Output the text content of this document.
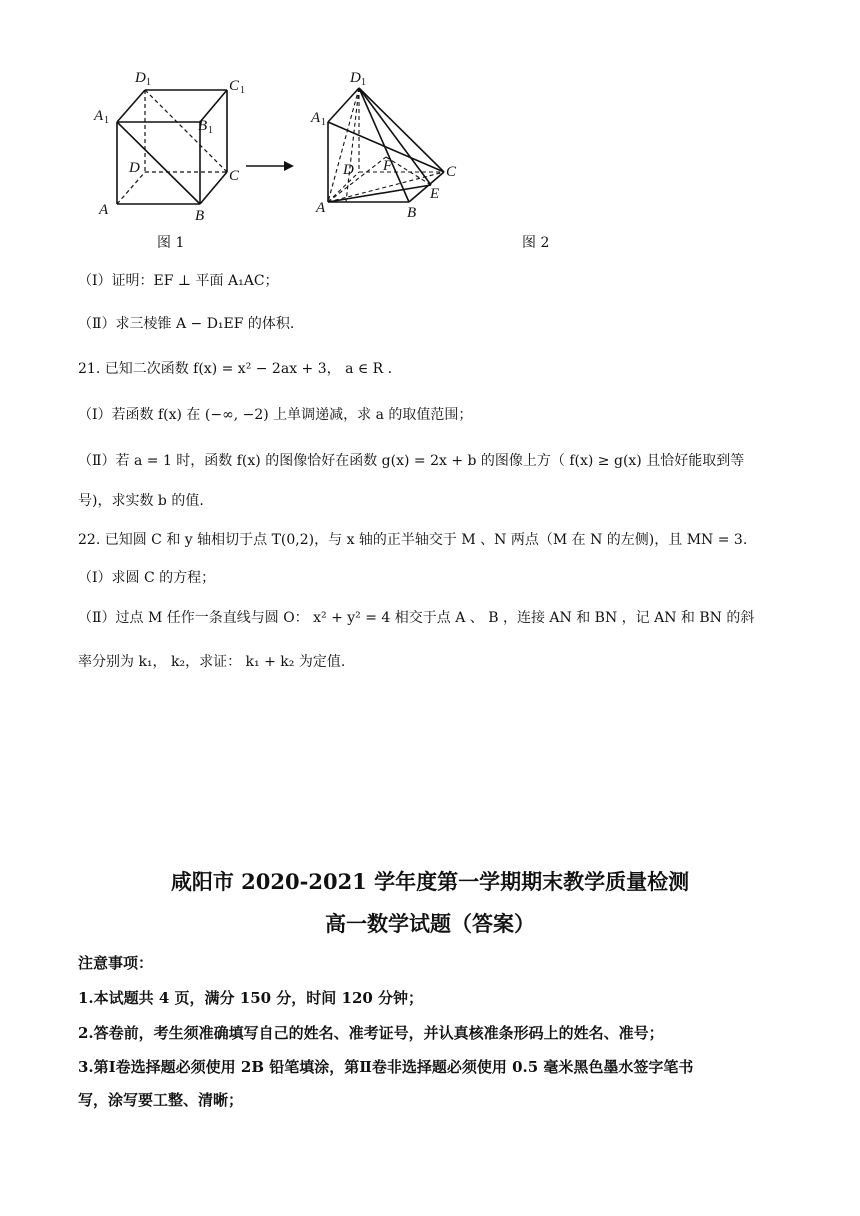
D 1	C 1
A 1	B 1
D	C
A	B
D 1
A 1
F
D	C
E
A	B
图 1	图 2
（Ⅰ）证明：EF ⊥ 平面 A₁AC；
（Ⅱ）求三棱锥 A − D₁EF 的体积.
21. 已知二次函数 f(x) = x² − 2ax + 3， a ∈ R .
（Ⅰ）若函数 f(x) 在 (−∞, −2) 上单调递减，求 a 的取值范围；
（Ⅱ）若 a = 1 时，函数 f(x) 的图像恰好在函数 g(x) = 2x + b 的图像上方（ f(x) ≥ g(x) 且恰好能取到等
号)，求实数 b 的值.
22. 已知圆 C 和 y 轴相切于点 T(0,2)，与 x 轴的正半轴交于 M 、N 两点（M 在 N 的左侧)，且 MN = 3.
（Ⅰ）求圆 C 的方程；
（Ⅱ）过点 M 任作一条直线与圆 O： x² + y² = 4 相交于点 A 、 B ，连接 AN 和 BN ，记 AN 和 BN 的斜
率分别为 k₁， k₂，求证： k₁ + k₂ 为定值.
咸阳市 2020-2021 学年度第一学期期末教学质量检测
高一数学试题（答案）
注意事项：
1.本试题共 4 页，满分 150 分，时间 120 分钟；
2.答卷前，考生须准确填写自己的姓名、准考证号，并认真核准条形码上的姓名、准号；
3.第Ⅰ卷选择题必须使用 2B 铅笔填涂，第Ⅱ卷非选择题必须使用 0.5 毫米黑色墨水签字笔书
写，涂写要工整、清晰；
